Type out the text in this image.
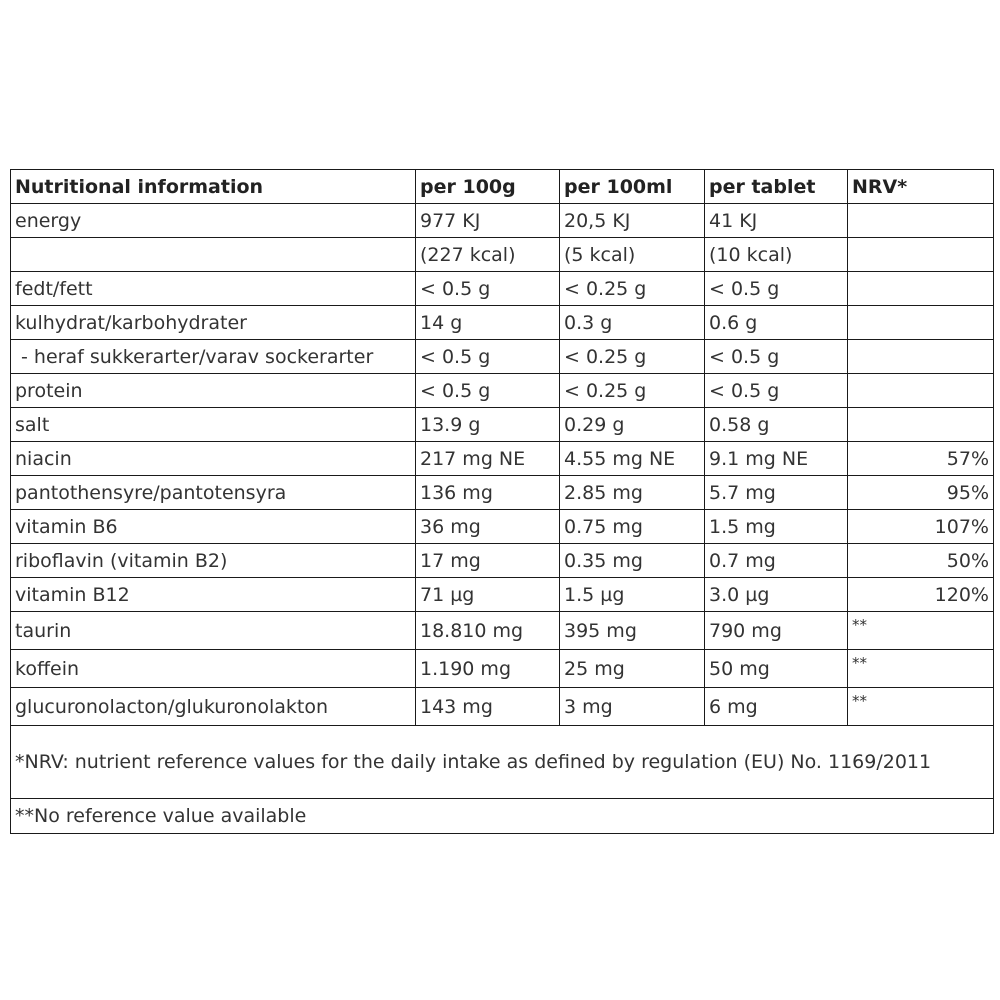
Nutritional information	per 100g	per 100ml	per tablet	NRV*
energy	977 KJ	20,5 KJ	41 KJ	
	(227 kcal)	(5 kcal)	(10 kcal)	
fedt/fett	< 0.5 g	< 0.25 g	< 0.5 g	
kulhydrat/karbohydrater	14 g	0.3 g	0.6 g	
- heraf sukkerarter/varav sockerarter	< 0.5 g	< 0.25 g	< 0.5 g	
protein	< 0.5 g	< 0.25 g	< 0.5 g	
salt	13.9 g	0.29 g	0.58 g	
niacin	217 mg NE	4.55 mg NE	9.1 mg NE	57%
pantothensyre/pantotensyra	136 mg	2.85 mg	5.7 mg	95%
vitamin B6	36 mg	0.75 mg	1.5 mg	107%
riboflavin (vitamin B2)	17 mg	0.35 mg	0.7 mg	50%
vitamin B12	71 µg	1.5 µg	3.0 µg	120%
taurin	18.810 mg	395 mg	790 mg	**
koffein	1.190 mg	25 mg	50 mg	**
glucuronolacton/glukuronolakton	143 mg	3 mg	6 mg	**
*NRV: nutrient reference values for the daily intake as defined by regulation (EU) No. 1169/2011				
**No reference value available				
